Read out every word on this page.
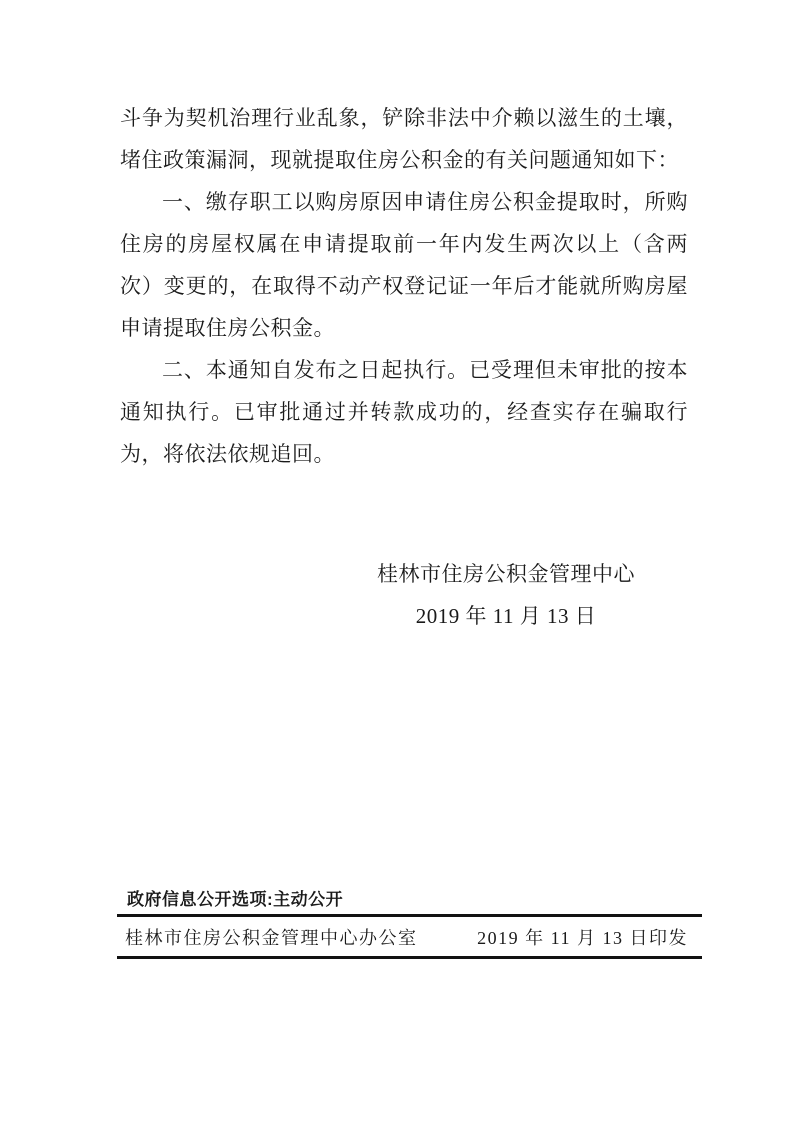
斗争为契机治理行业乱象，铲除非法中介赖以滋生的土壤，堵住政策漏洞，现就提取住房公积金的有关问题通知如下：

一、缴存职工以购房原因申请住房公积金提取时，所购住房的房屋权属在申请提取前一年内发生两次以上（含两次）变更的，在取得不动产权登记证一年后才能就所购房屋申请提取住房公积金。

二、本通知自发布之日起执行。已受理但未审批的按本通知执行。已审批通过并转款成功的，经查实存在骗取行为，将依法依规追回。

桂林市住房公积金管理中心
2019 年 11 月 13 日
政府信息公开选项:主动公开
桂林市住房公积金管理中心办公室	2019 年 11 月 13 日印发
